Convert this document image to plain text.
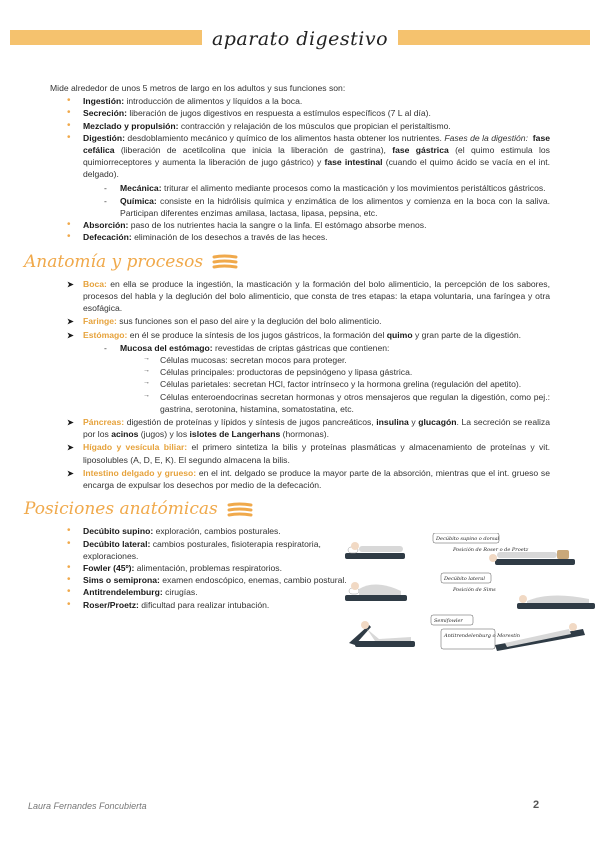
aparato digestivo

Mide alrededor de unos 5 metros de largo en los adultos y sus funciones son:

• Ingestión: introducción de alimentos y líquidos a la boca.
• Secreción: liberación de jugos digestivos en respuesta a estímulos específicos (7 L al día).
• Mezclado y propulsión: contracción y relajación de los músculos que propician el peristaltismo.
• Digestión: desdoblamiento mecánico y químico de los alimentos hasta obtener los nutrientes. Fases de la digestión: fase cefálica (liberación de acetilcolina que inicia la liberación de gastrina), fase gástrica (el quimo estimula los quimiorreceptores y aumenta la liberación de jugo gástrico) y fase intestinal (cuando el quimo ácido se vacía en el int. delgado).
- Mecánica: triturar el alimento mediante procesos como la masticación y los movimientos peristálticos gástricos.
- Química: consiste en la hidrólisis química y enzimática de los alimentos y comienza en la boca con la saliva. Participan diferentes enzimas amilasa, lactasa, lipasa, pepsina, etc.
• Absorción: paso de los nutrientes hacia la sangre o la linfa. El estómago absorbe menos.
• Defecación: eliminación de los desechos a través de las heces.
Anatomía y procesos
➤ Boca: en ella se produce la ingestión, la masticación y la formación del bolo alimenticio, la percepción de los sabores, procesos del habla y la deglución del bolo alimenticio, que consta de tres etapas: la etapa voluntaria, una faríngea y otra esofágica.
➤ Faringe: sus funciones son el paso del aire y la deglución del bolo alimenticio.
➤ Estómago: en él se produce la síntesis de los jugos gástricos, la formación del quimo y gran parte de la digestión.
- Mucosa del estómago: revestidas de criptas gástricas que contienen:
→ Células mucosas: secretan mocos para proteger.
→ Células principales: productoras de pepsinógeno y lipasa gástrica.
→ Células parietales: secretan HCl, factor intrínseco y la hormona grelina (regulación del apetito).
→ Células enteroendocrinas secretan hormonas y otros mensajeros que regulan la digestión, como pej.: gastrina, serotonina, histamina, somatostatina, etc.
➤ Páncreas: digestión de proteínas y lípidos y síntesis de jugos pancreáticos, insulina y glucagón. La secreción se realiza por los acinos (jugos) y los islotes de Langerhans (hormonas).
➤ Hígado y vesícula biliar: el primero sintetiza la bilis y proteínas plasmáticas y almacenamiento de proteínas y vit. liposolubles (A, D, E, K). El segundo almacena la bilis.
➤ Intestino delgado y grueso: en el int. delgado se produce la mayor parte de la absorción, mientras que el int. grueso se encarga de expulsar los desechos por medio de la defecación.
Posiciones anatómicas
• Decúbito supino: exploración, cambios posturales.
• Decúbito lateral: cambios posturales, fisioterapia respiratoria, exploraciones.
• Fowler (45º): alimentación, problemas respiratorios.
• Sims o semiprona: examen endoscópico, enemas, cambio postural.
• Antitrendelemburg: cirugías.
• Roser/Proetz: dificultad para realizar intubación.
Decúbito supino o dorsal
Posición de Roser o de Proetz
Decúbito lateral
Posición de Sims
Semifowler
Antitrendelenburg o Morestin
Laura Fernandes Foncubierta	2
